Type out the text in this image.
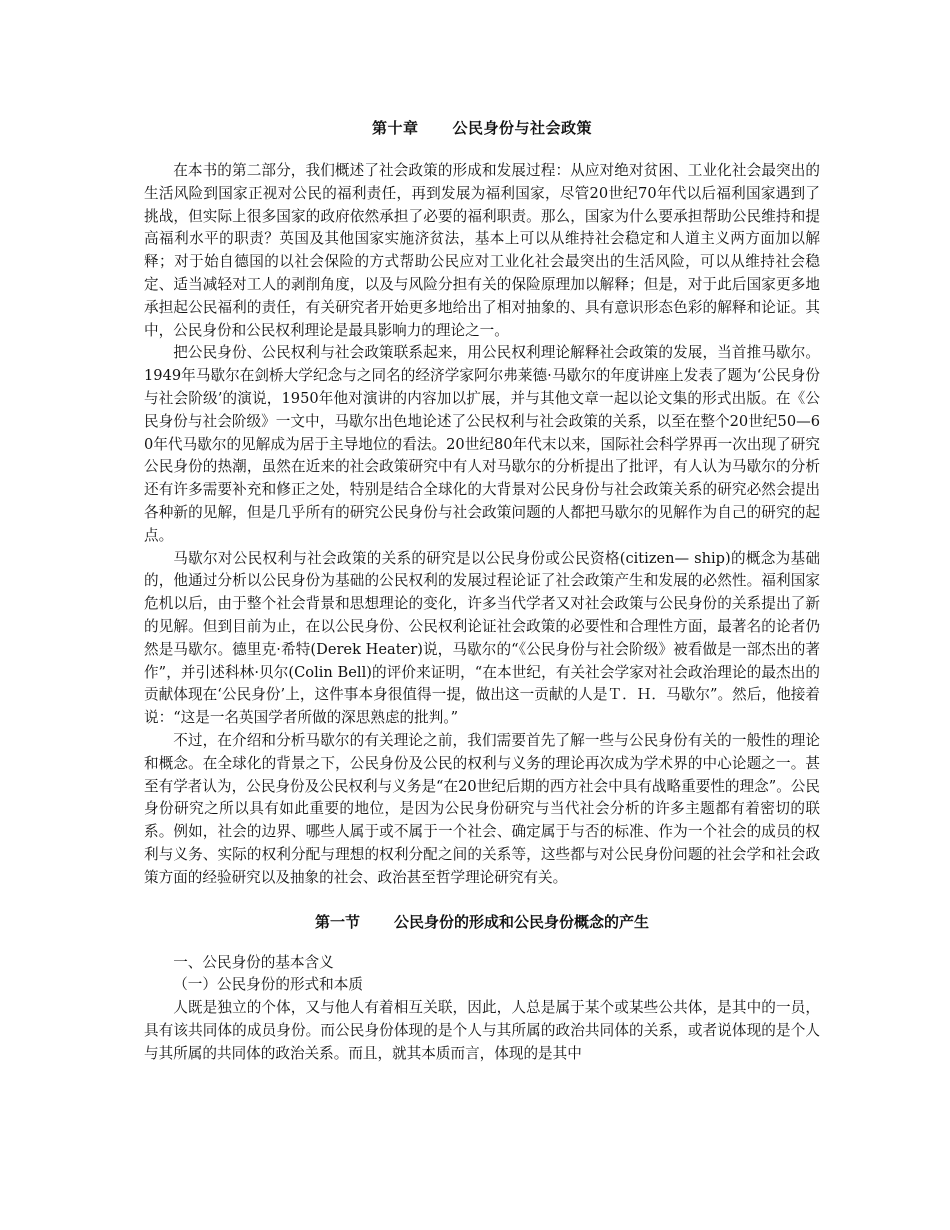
第十章 公民身份与社会政策

在本书的第二部分，我们概述了社会政策的形成和发展过程：从应对绝对贫困、工业化社会最突出的生活风险到国家正视对公民的福利责任，再到发展为福利国家，尽管20世纪70年代以后福利国家遇到了挑战，但实际上很多国家的政府依然承担了必要的福利职责。那么，国家为什么要承担帮助公民维持和提高福利水平的职责？英国及其他国家实施济贫法，基本上可以从维持社会稳定和人道主义两方面加以解释；对于始自德国的以社会保险的方式帮助公民应对工业化社会最突出的生活风险，可以从维持社会稳定、适当减轻对工人的剥削角度，以及与风险分担有关的保险原理加以解释；但是，对于此后国家更多地承担起公民福利的责任，有关研究者开始更多地给出了相对抽象的、具有意识形态色彩的解释和论证。其中，公民身份和公民权利理论是最具影响力的理论之一。

把公民身份、公民权利与社会政策联系起来，用公民权利理论解释社会政策的发展，当首推马歇尔。1949年马歇尔在剑桥大学纪念与之同名的经济学家阿尔弗莱德·马歇尔的年度讲座上发表了题为‘公民身份与社会阶级’的演说，1950年他对演讲的内容加以扩展，并与其他文章一起以论文集的形式出版。在《公民身份与社会阶级》一文中，马歇尔出色地论述了公民权利与社会政策的关系，以至在整个20世纪50—60年代马歇尔的见解成为居于主导地位的看法。20世纪80年代末以来，国际社会科学界再一次出现了研究公民身份的热潮，虽然在近来的社会政策研究中有人对马歇尔的分析提出了批评，有人认为马歇尔的分析还有许多需要补充和修正之处，特别是结合全球化的大背景对公民身份与社会政策关系的研究必然会提出各种新的见解，但是几乎所有的研究公民身份与社会政策问题的人都把马歇尔的见解作为自己的研究的起点。

马歇尔对公民权利与社会政策的关系的研究是以公民身份或公民资格(citizen— ship)的概念为基础的，他通过分析以公民身份为基础的公民权利的发展过程论证了社会政策产生和发展的必然性。福利国家危机以后，由于整个社会背景和思想理论的变化，许多当代学者又对社会政策与公民身份的关系提出了新的见解。但到目前为止，在以公民身份、公民权利论证社会政策的必要性和合理性方面，最著名的论者仍然是马歇尔。德里克·希特(Derek Heater)说，马歇尔的“《公民身份与社会阶级》被看做是一部杰出的著作”，并引述科林·贝尔(Colin Bell)的评价来证明，“在本世纪，有关社会学家对社会政治理论的最杰出的贡献体现在‘公民身份’上，这件事本身很值得一提，做出这一贡献的人是Ｔ．Ｈ．马歇尔”。然后，他接着说：“这是一名英国学者所做的深思熟虑的批判。”

不过，在介绍和分析马歇尔的有关理论之前，我们需要首先了解一些与公民身份有关的一般性的理论和概念。在全球化的背景之下，公民身份及公民的权利与义务的理论再次成为学术界的中心论题之一。甚至有学者认为，公民身份及公民权利与义务是“在20世纪后期的西方社会中具有战略重要性的理念”。公民身份研究之所以具有如此重要的地位，是因为公民身份研究与当代社会分析的许多主题都有着密切的联系。例如，社会的边界、哪些人属于或不属于一个社会、确定属于与否的标准、作为一个社会的成员的权利与义务、实际的权利分配与理想的权利分配之间的关系等，这些都与对公民身份问题的社会学和社会政策方面的经验研究以及抽象的社会、政治甚至哲学理论研究有关。

第一节 公民身份的形成和公民身份概念的产生

一、公民身份的基本含义

（一）公民身份的形式和本质

人既是独立的个体，又与他人有着相互关联，因此，人总是属于某个或某些公共体，是其中的一员，具有该共同体的成员身份。而公民身份体现的是个人与其所属的政治共同体的关系，或者说体现的是个人与其所属的共同体的政治关系。而且，就其本质而言，体现的是其中
